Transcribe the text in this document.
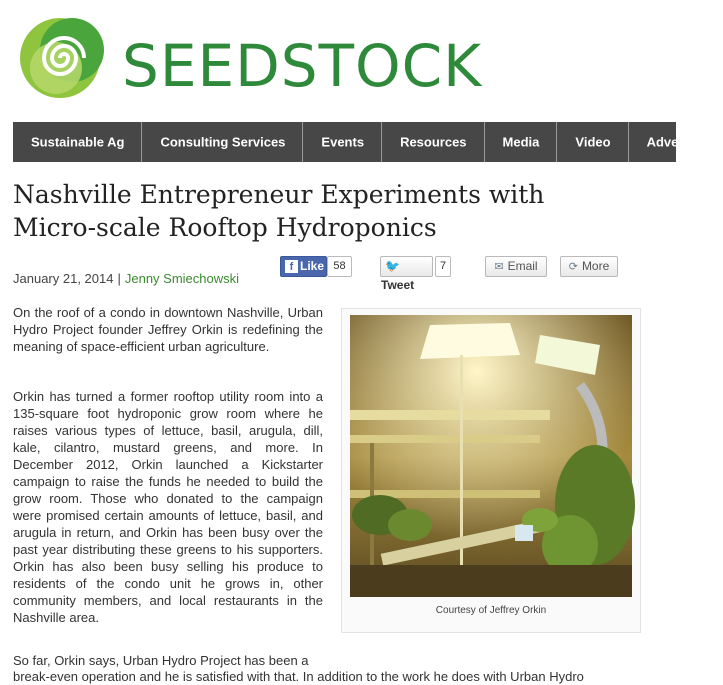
SEEDSTOCK
Sustainable Ag	Consulting Services	Events	Resources	Media	Video	Advertise
Nashville Entrepreneur Experiments with Micro-scale Rooftop Hydroponics
January 21, 2014 | Jenny Smiechowski
f Like 58	🐦Tweet
7	✉ Email	⟳ More

On the roof of a condo in downtown Nashville, Urban Hydro Project founder Jeffrey Orkin is redefining the meaning of space-efficient urban agriculture.

Orkin has turned a former rooftop utility room into a 135-square foot hydroponic grow room where he raises various types of lettuce, basil, arugula, dill, kale, cilantro, mustard greens, and more. In December 2012, Orkin launched a Kickstarter campaign to raise the funds he needed to build the grow room. Those who donated to the campaign were promised certain amounts of lettuce, basil, and arugula in return, and Orkin has been busy over the past year distributing these greens to his supporters. Orkin has also been busy selling his produce to residents of the condo unit he grows in, other community members, and local restaurants in the Nashville area.

So far, Orkin says, Urban Hydro Project has been a

break-even operation and he is satisfied with that. In addition to the work he does with Urban Hydro
Courtesy of Jeffrey Orkin
